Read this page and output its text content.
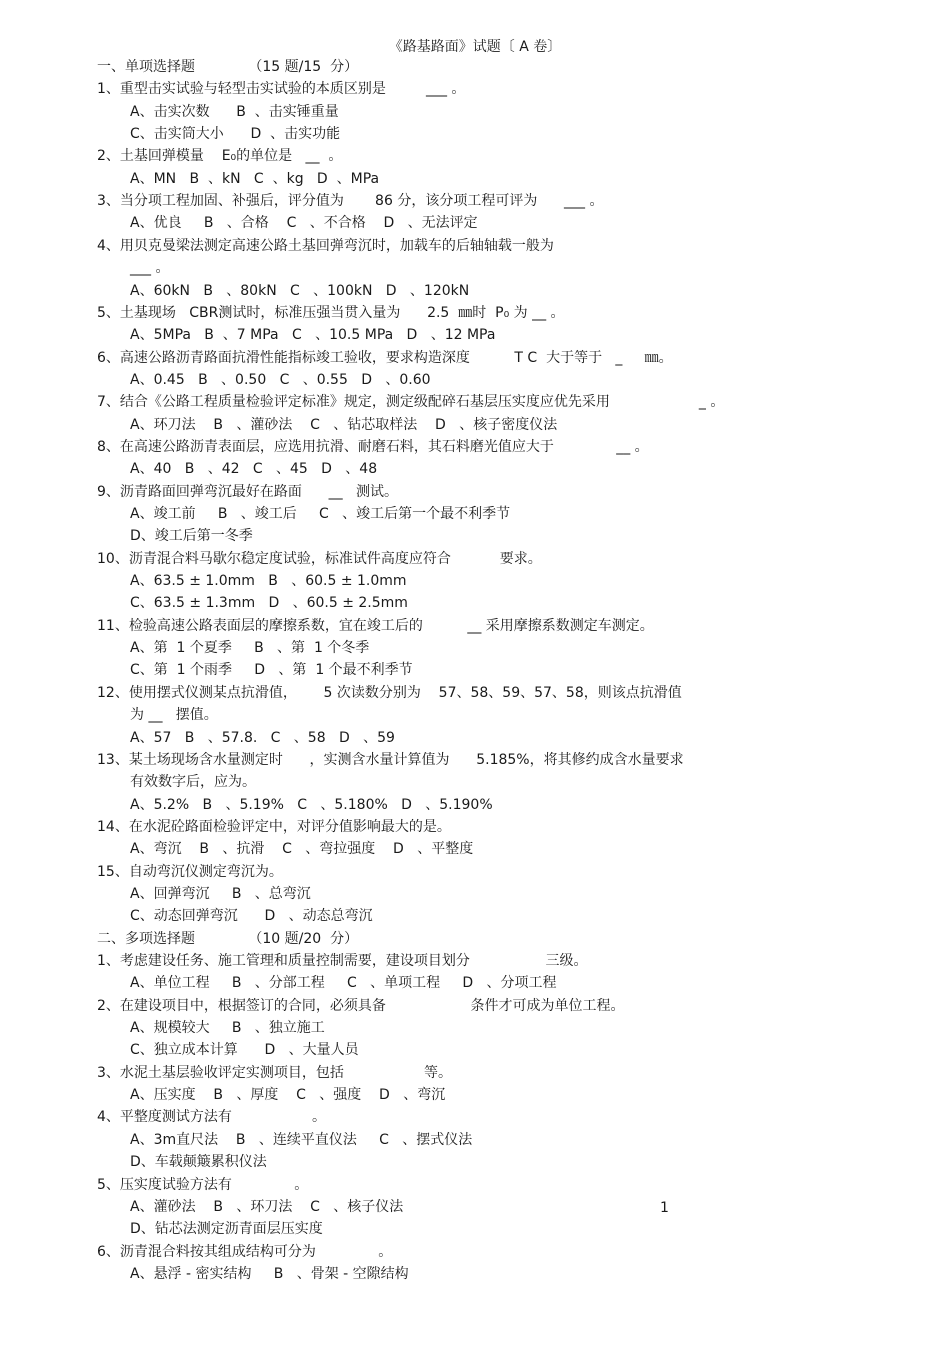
《路基路面》试题〔 A 卷〕
一、单项选择题            （15 题/15  分）
1、重型击实试验与轻型击实试验的本质区别是         ___ 。
A、击实次数      B  、击实锤重量
C、击实筒大小      D  、击实功能
2、土基回弹模量    E₀的单位是   __  。
A、MN   B  、kN   C  、kg   D  、MPa
3、当分项工程加固、补强后，评分值为       86 分，该分项工程可评为      ___ 。
A、优良     B   、合格    C   、不合格    D   、无法评定
4、用贝克曼梁法测定高速公路土基回弹弯沉时，加载车的后轴轴载一般为
___ 。
A、60kN   B   、80kN   C   、100kN   D   、120kN
5、土基现场   CBR测试时，标准压强当贯入量为      2.5  ㎜时  P₀ 为 __ 。
A、5MPa   B  、7 MPa   C   、10.5 MPa   D   、12 MPa
6、高速公路沥青路面抗滑性能指标竣工验收，要求构造深度          T C  大于等于   _     ㎜。
A、0.45   B   、0.50   C   、0.55   D   、0.60
7、结合《公路工程质量检验评定标准》规定，测定级配碎石基层压实度应优先采用                    _ 。
A、环刀法    B   、灌砂法    C   、钻芯取样法    D   、核子密度仪法
8、在高速公路沥青表面层，应选用抗滑、耐磨石料，其石料磨光值应大于              __ 。
A、40   B   、42   C   、45   D   、48
9、沥青路面回弹弯沉最好在路面      __   测试。
A、竣工前     B   、竣工后     C   、竣工后第一个最不利季节
D、竣工后第一冬季
10、沥青混合料马歇尔稳定度试验，标准试件高度应符合           要求。
A、63.5 ± 1.0mm   B   、60.5 ± 1.0mm
C、63.5 ± 1.3mm   D   、60.5 ± 2.5mm
11、检验高速公路表面层的摩擦系数，宜在竣工后的          __ 采用摩擦系数测定车测定。
A、第  1 个夏季     B   、第  1 个冬季
C、第  1 个雨季     D   、第  1 个最不利季节
12、使用摆式仪测某点抗滑值，      5 次读数分别为    57、58、59、57、58，则该点抗滑值
为 __   摆值。
A、57   B   、57.8.   C   、58   D   、59
13、某土场现场含水量测定时      ，实测含水量计算值为      5.185%，将其修约成含水量要求
有效数字后，应为。
A、5.2%   B   、5.19%   C   、5.180%   D   、5.190%
14、在水泥砼路面检验评定中，对评分值影响最大的是。
A、弯沉    B   、抗滑    C   、弯拉强度    D   、平整度
15、自动弯沉仪测定弯沉为。
A、回弹弯沉     B   、总弯沉
C、动态回弹弯沉      D   、动态总弯沉
二、多项选择题            （10 题/20  分）
1、考虑建设任务、施工管理和质量控制需要，建设项目划分                 三级。
A、单位工程     B   、分部工程     C   、单项工程     D   、分项工程
2、在建设项目中，根据签订的合同，必须具备                   条件才可成为单位工程。
A、规模较大     B   、独立施工
C、独立成本计算      D   、大量人员
3、水泥土基层验收评定实测项目，包括                  等。
A、压实度    B   、厚度    C   、强度    D   、弯沉
4、平整度测试方法有                  。
A、3m直尺法    B   、连续平直仪法     C   、摆式仪法
D、车载颠簸累积仪法
5、压实度试验方法有              。
A、灌砂法    B   、环刀法    C   、核子仪法
D、钻芯法测定沥青面层压实度
6、沥青混合料按其组成结构可分为              。
A、悬浮 - 密实结构     B   、骨架 - 空隙结构
1
